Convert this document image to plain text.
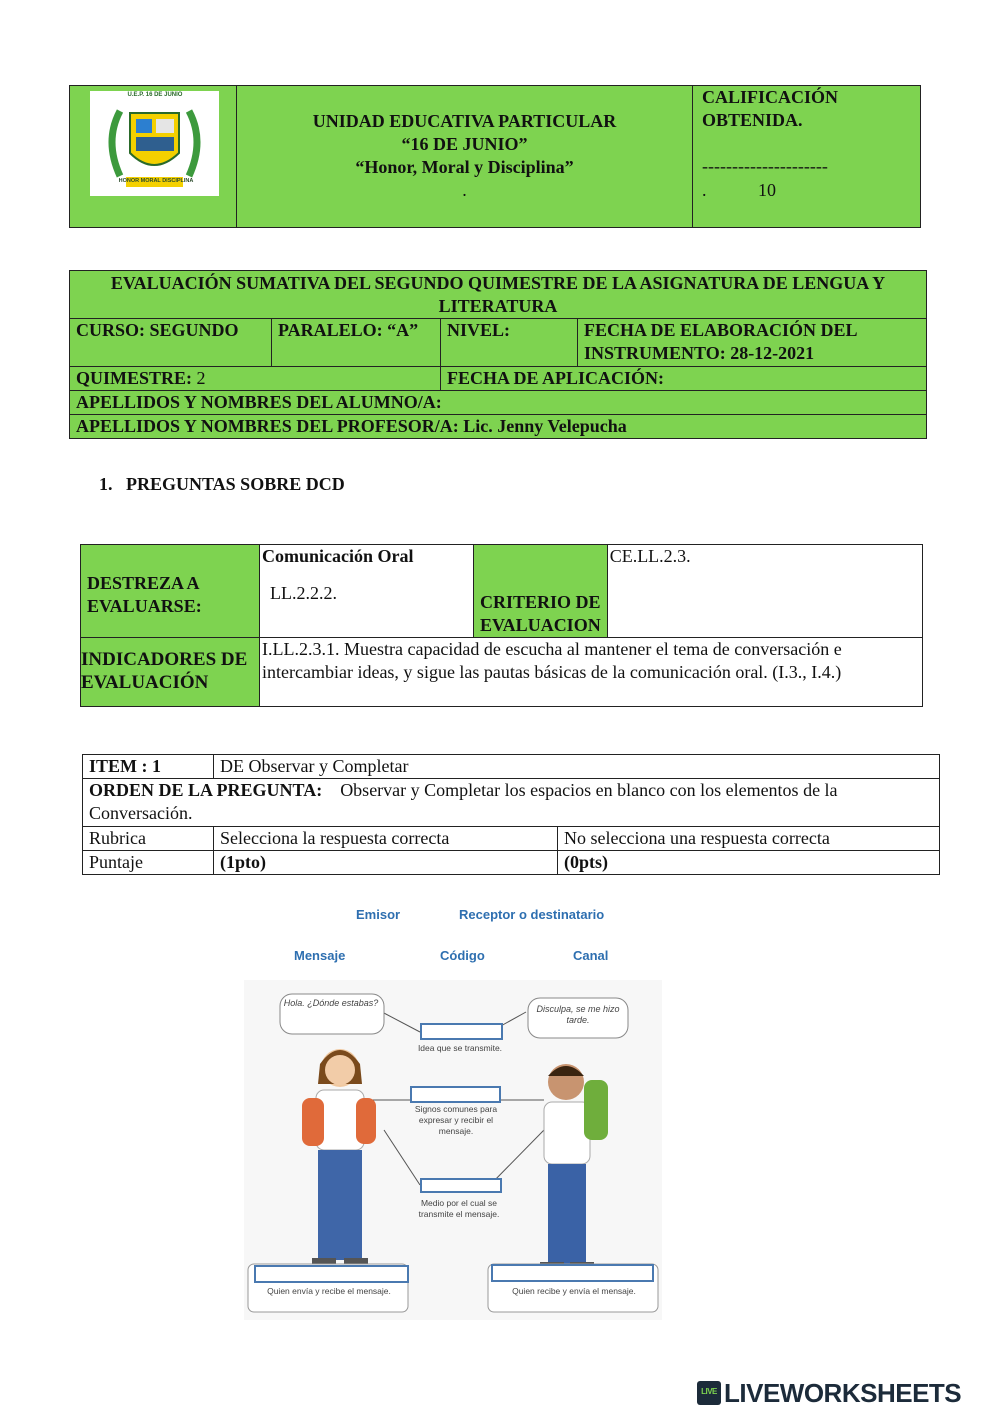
U.E.P. 16 DE JUNIO
HONOR MORAL DISCIPLINA
UNIDAD EDUCATIVA PARTICULAR
“16 DE JUNIO”
“Honor, Moral y Disciplina”
.
CALIFICACIÓN OBTENIDA.
---------------------
.	10
EVALUACIÓN SUMATIVA DEL SEGUNDO QUIMESTRE DE LA ASIGNATURA DE LENGUA Y LITERATURA			
CURSO: SEGUNDO	PARALELO: “A”	NIVEL:	FECHA DE ELABORACIÓN DEL INSTRUMENTO: 28-12-2021
QUIMESTRE: 2		FECHA DE APLICACIÓN:	
APELLIDOS Y NOMBRES DEL ALUMNO/A:			
APELLIDOS Y NOMBRES DEL PROFESOR/A: Lic. Jenny Velepucha			
1.   PREGUNTAS SOBRE DCD
DESTREZA A EVALUARSE:	Comunicación Oral
LL.2.2.2.	CRITERIO DE EVALUACION	CE.LL.2.3.
INDICADORES DE EVALUACIÓN	I.LL.2.3.1. Muestra capacidad de escucha al mantener el tema de conversación e intercambiar ideas, y sigue las pautas básicas de la comunicación oral. (I.3., I.4.)		
ITEM : 1	DE Observar y Completar	
ORDEN DE LA PREGUNTA: Observar y Completar los espacios en blanco con los elementos de la Conversación.		
Rubrica	Selecciona la respuesta correcta	No selecciona una respuesta correcta
Puntaje	(1pto)	(0pts)
Emisor	Receptor o destinatario
Mensaje	Código	Canal
Hola. ¿Dónde estabas?
Disculpa, se me hizo tarde.
Idea que se transmite.
Signos comunes para expresar y recibir el mensaje.
Medio por el cual se transmite el mensaje.
Quien envía y recibe el mensaje.	Quien recibe y envía el mensaje.
LIVE LIVEWORKSHEETS
